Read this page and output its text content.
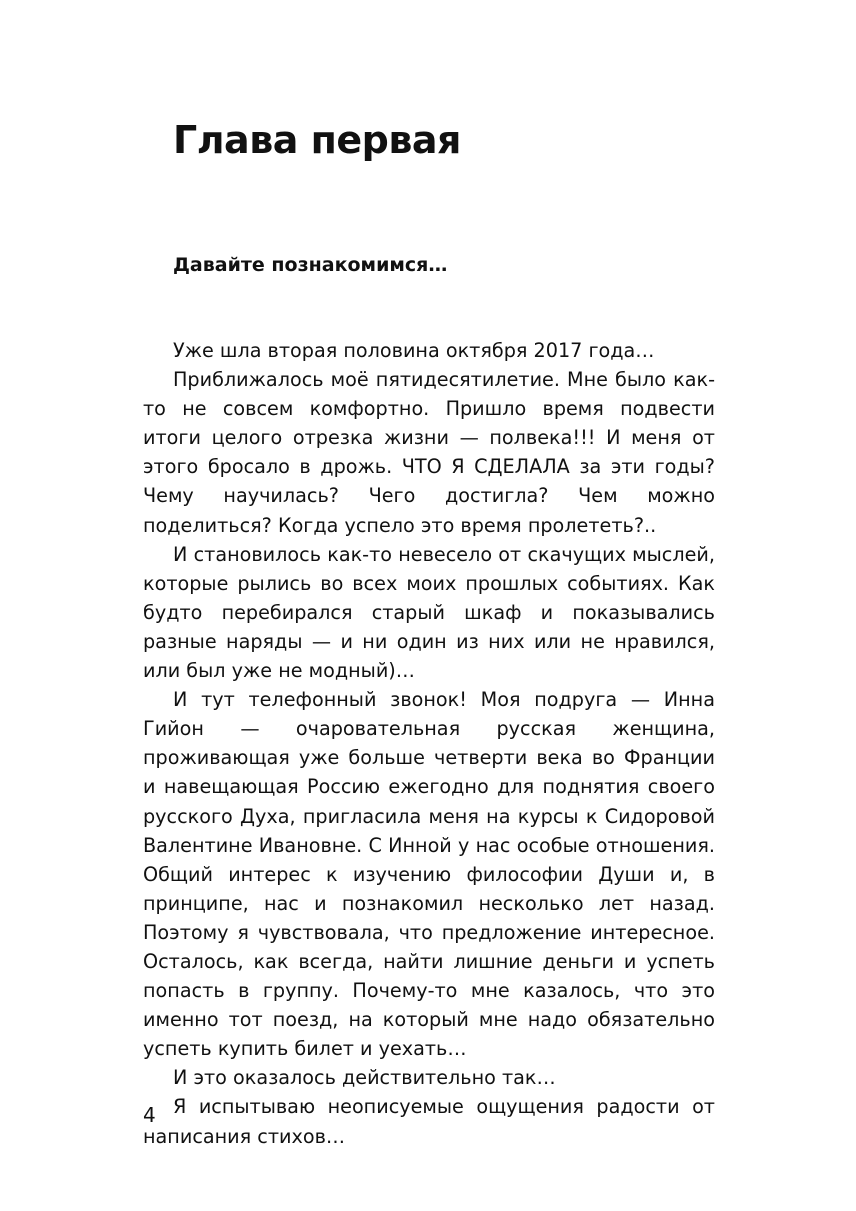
Глава первая
Давайте познакомимся…

Уже шла вторая половина октября 2017 года…

Приближалось моё пятидесятилетие. Мне было как-то не совсем комфортно. Пришло время подвести итоги целого отрезка жизни — полвека!!! И меня от этого бросало в дрожь. ЧТО Я СДЕЛАЛА за эти годы? Чему научилась? Чего достигла? Чем можно поделиться? Когда успело это время пролететь?..

И становилось как-то невесело от скачущих мыслей, которые рылись во всех моих прошлых событиях. Как будто перебирался старый шкаф и показывались разные наряды — и ни один из них или не нравился, или был уже не модный)…

И тут телефонный звонок! Моя подруга — Инна Гийон — очаровательная русская женщина, проживающая уже больше четверти века во Франции и навещающая Россию ежегодно для поднятия своего русского Духа, пригласила меня на курсы к Сидоровой Валентине Ивановне. С Инной у нас особые отношения. Общий интерес к изучению философии Души и, в принципе, нас и познакомил несколько лет назад. Поэтому я чувствовала, что предложение интересное. Осталось, как всегда, найти лишние деньги и успеть попасть в группу. Почему-то мне казалось, что это именно тот поезд, на который мне надо обязательно успеть купить билет и уехать…

И это оказалось действительно так…

Я испытываю неописуемые ощущения радости от написания стихов…

4
